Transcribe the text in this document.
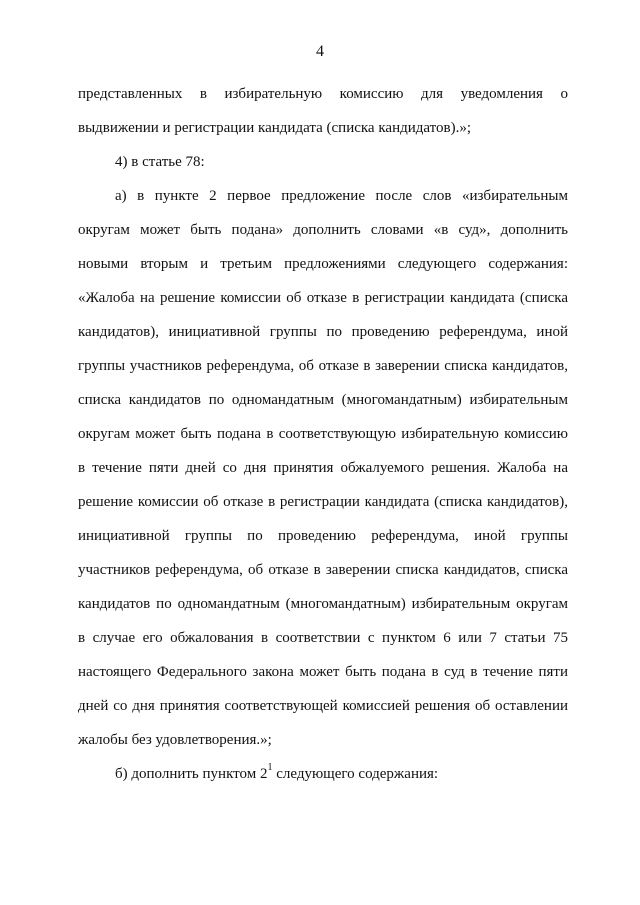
4
представленных в избирательную комиссию для уведомления о
выдвижении и регистрации кандидата (списка кандидатов).»;
4) в статье 78:
а) в пункте 2 первое предложение после слов «избирательным
округам может быть подана» дополнить словами «в суд», дополнить
новыми вторым и третьим предложениями следующего содержания:
«Жалоба на решение комиссии об отказе в регистрации кандидата (списка
кандидатов), инициативной группы по проведению референдума, иной
группы участников референдума, об отказе в заверении списка кандидатов,
списка кандидатов по одномандатным (многомандатным) избирательным
округам может быть подана в соответствующую избирательную комиссию
в течение пяти дней со дня принятия обжалуемого решения. Жалоба на
решение комиссии об отказе в регистрации кандидата (списка кандидатов),
инициативной группы по проведению референдума, иной группы
участников референдума, об отказе в заверении списка кандидатов, списка
кандидатов по одномандатным (многомандатным) избирательным округам
в случае его обжалования в соответствии с пунктом 6 или 7 статьи 75
настоящего Федерального закона может быть подана в суд в течение пяти
дней со дня принятия соответствующей комиссией решения об оставлении
жалобы без удовлетворения.»;
б) дополнить пунктом $2^1$ следующего содержания:
